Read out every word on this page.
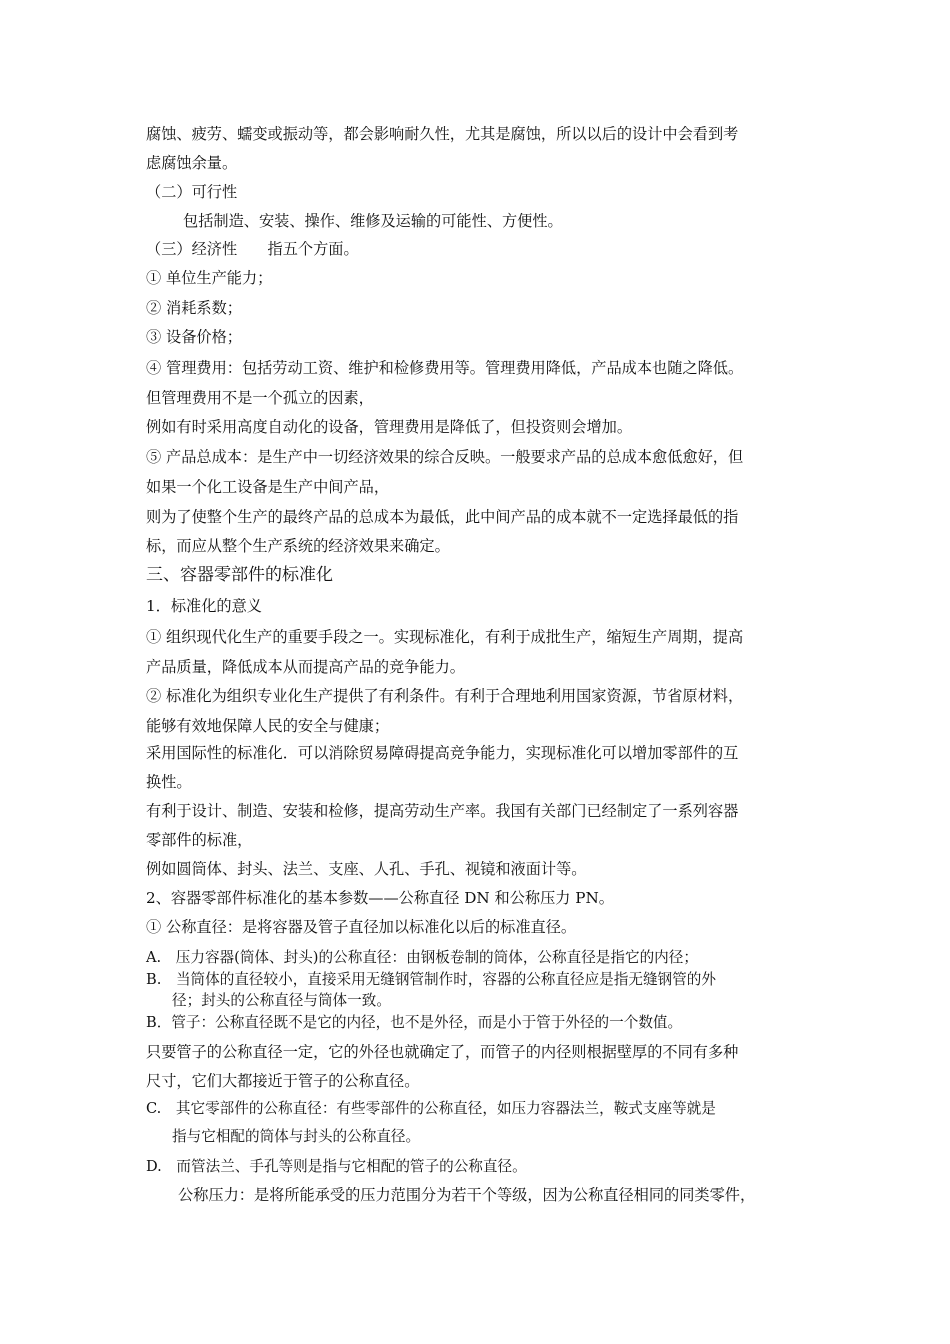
腐蚀、疲劳、蠕变或振动等，都会影响耐久性，尤其是腐蚀，所以以后的设计中会看到考
虑腐蚀余量。
（二）可行性
包括制造、安装、操作、维修及运输的可能性、方便性。
（三）经济性　　指五个方面。
① 单位生产能力；
② 消耗系数；
③ 设备价格；
④ 管理费用：包括劳动工资、维护和检修费用等。管理费用降低，产品成本也随之降低。
但管理费用不是一个孤立的因素，
例如有时采用高度自动化的设备，管理费用是降低了，但投资则会增加。
⑤ 产品总成本：是生产中一切经济效果的综合反映。一般要求产品的总成本愈低愈好，但
如果一个化工设备是生产中间产品，
则为了使整个生产的最终产品的总成本为最低，此中间产品的成本就不一定选择最低的指
标，而应从整个生产系统的经济效果来确定。
三、容器零部件的标准化
1．标准化的意义
① 组织现代化生产的重要手段之一。实现标准化，有利于成批生产，缩短生产周期，提高
产品质量，降低成本从而提高产品的竞争能力。
② 标准化为组织专业化生产提供了有利条件。有利于合理地利用国家资源，节省原材料，
能够有效地保障人民的安全与健康；
采用国际性的标准化．可以消除贸易障碍提高竞争能力，实现标准化可以增加零部件的互
换性。
有利于设计、制造、安装和检修，提高劳动生产率。我国有关部门已经制定了一系列容器
零部件的标准，
例如圆筒体、封头、法兰、支座、人孔、手孔、视镜和液面计等。
2、容器零部件标准化的基本参数——公称直径 DN 和公称压力 PN。
① 公称直径：是将容器及管子直径加以标准化以后的标准直径。
A.　压力容器(筒体、封头)的公称直径：由钢板卷制的筒体，公称直径是指它的内径；
B.　当筒体的直径较小，直接采用无缝钢管制作时，容器的公称直径应是指无缝钢管的外
径；封头的公称直径与筒体一致。
B．管子：公称直径既不是它的内径，也不是外径，而是小于管于外径的一个数值。
只要管子的公称直径一定，它的外径也就确定了，而管子的内径则根据壁厚的不同有多种
尺寸，它们大都接近于管子的公称直径。
C.　其它零部件的公称直径：有些零部件的公称直径，如压力容器法兰，鞍式支座等就是
指与它相配的筒体与封头的公称直径。
D.　而管法兰、手孔等则是指与它相配的管子的公称直径。
公称压力：是将所能承受的压力范围分为若干个等级，因为公称直径相同的同类零件，
